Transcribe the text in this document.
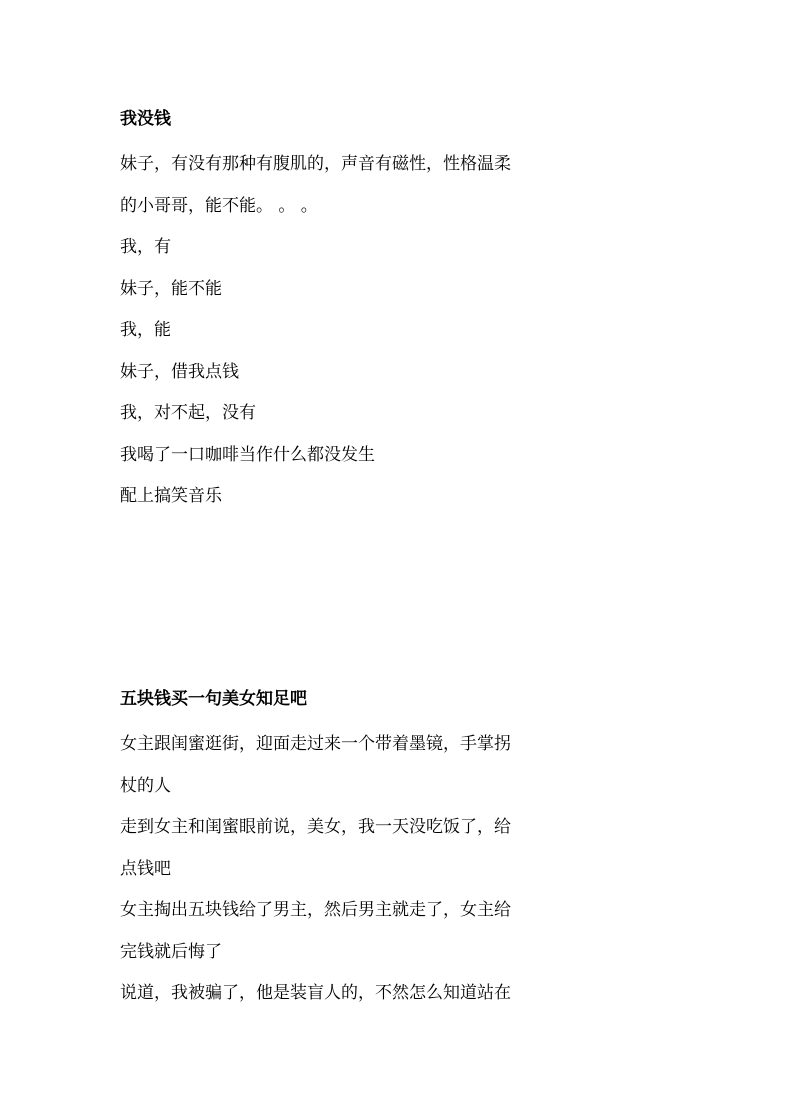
我没钱

妹子，有没有那种有腹肌的，声音有磁性，性格温柔

的小哥哥，能不能。 。 。

我，有

妹子，能不能

我，能

妹子，借我点钱

我，对不起，没有

我喝了一口咖啡当作什么都没发生

配上搞笑音乐

五块钱买一句美女知足吧

女主跟闺蜜逛街，迎面走过来一个带着墨镜，手掌拐

杖的人

走到女主和闺蜜眼前说，美女，我一天没吃饭了，给

点钱吧

女主掏出五块钱给了男主，然后男主就走了，女主给

完钱就后悔了

说道，我被骗了，他是装盲人的，不然怎么知道站在
